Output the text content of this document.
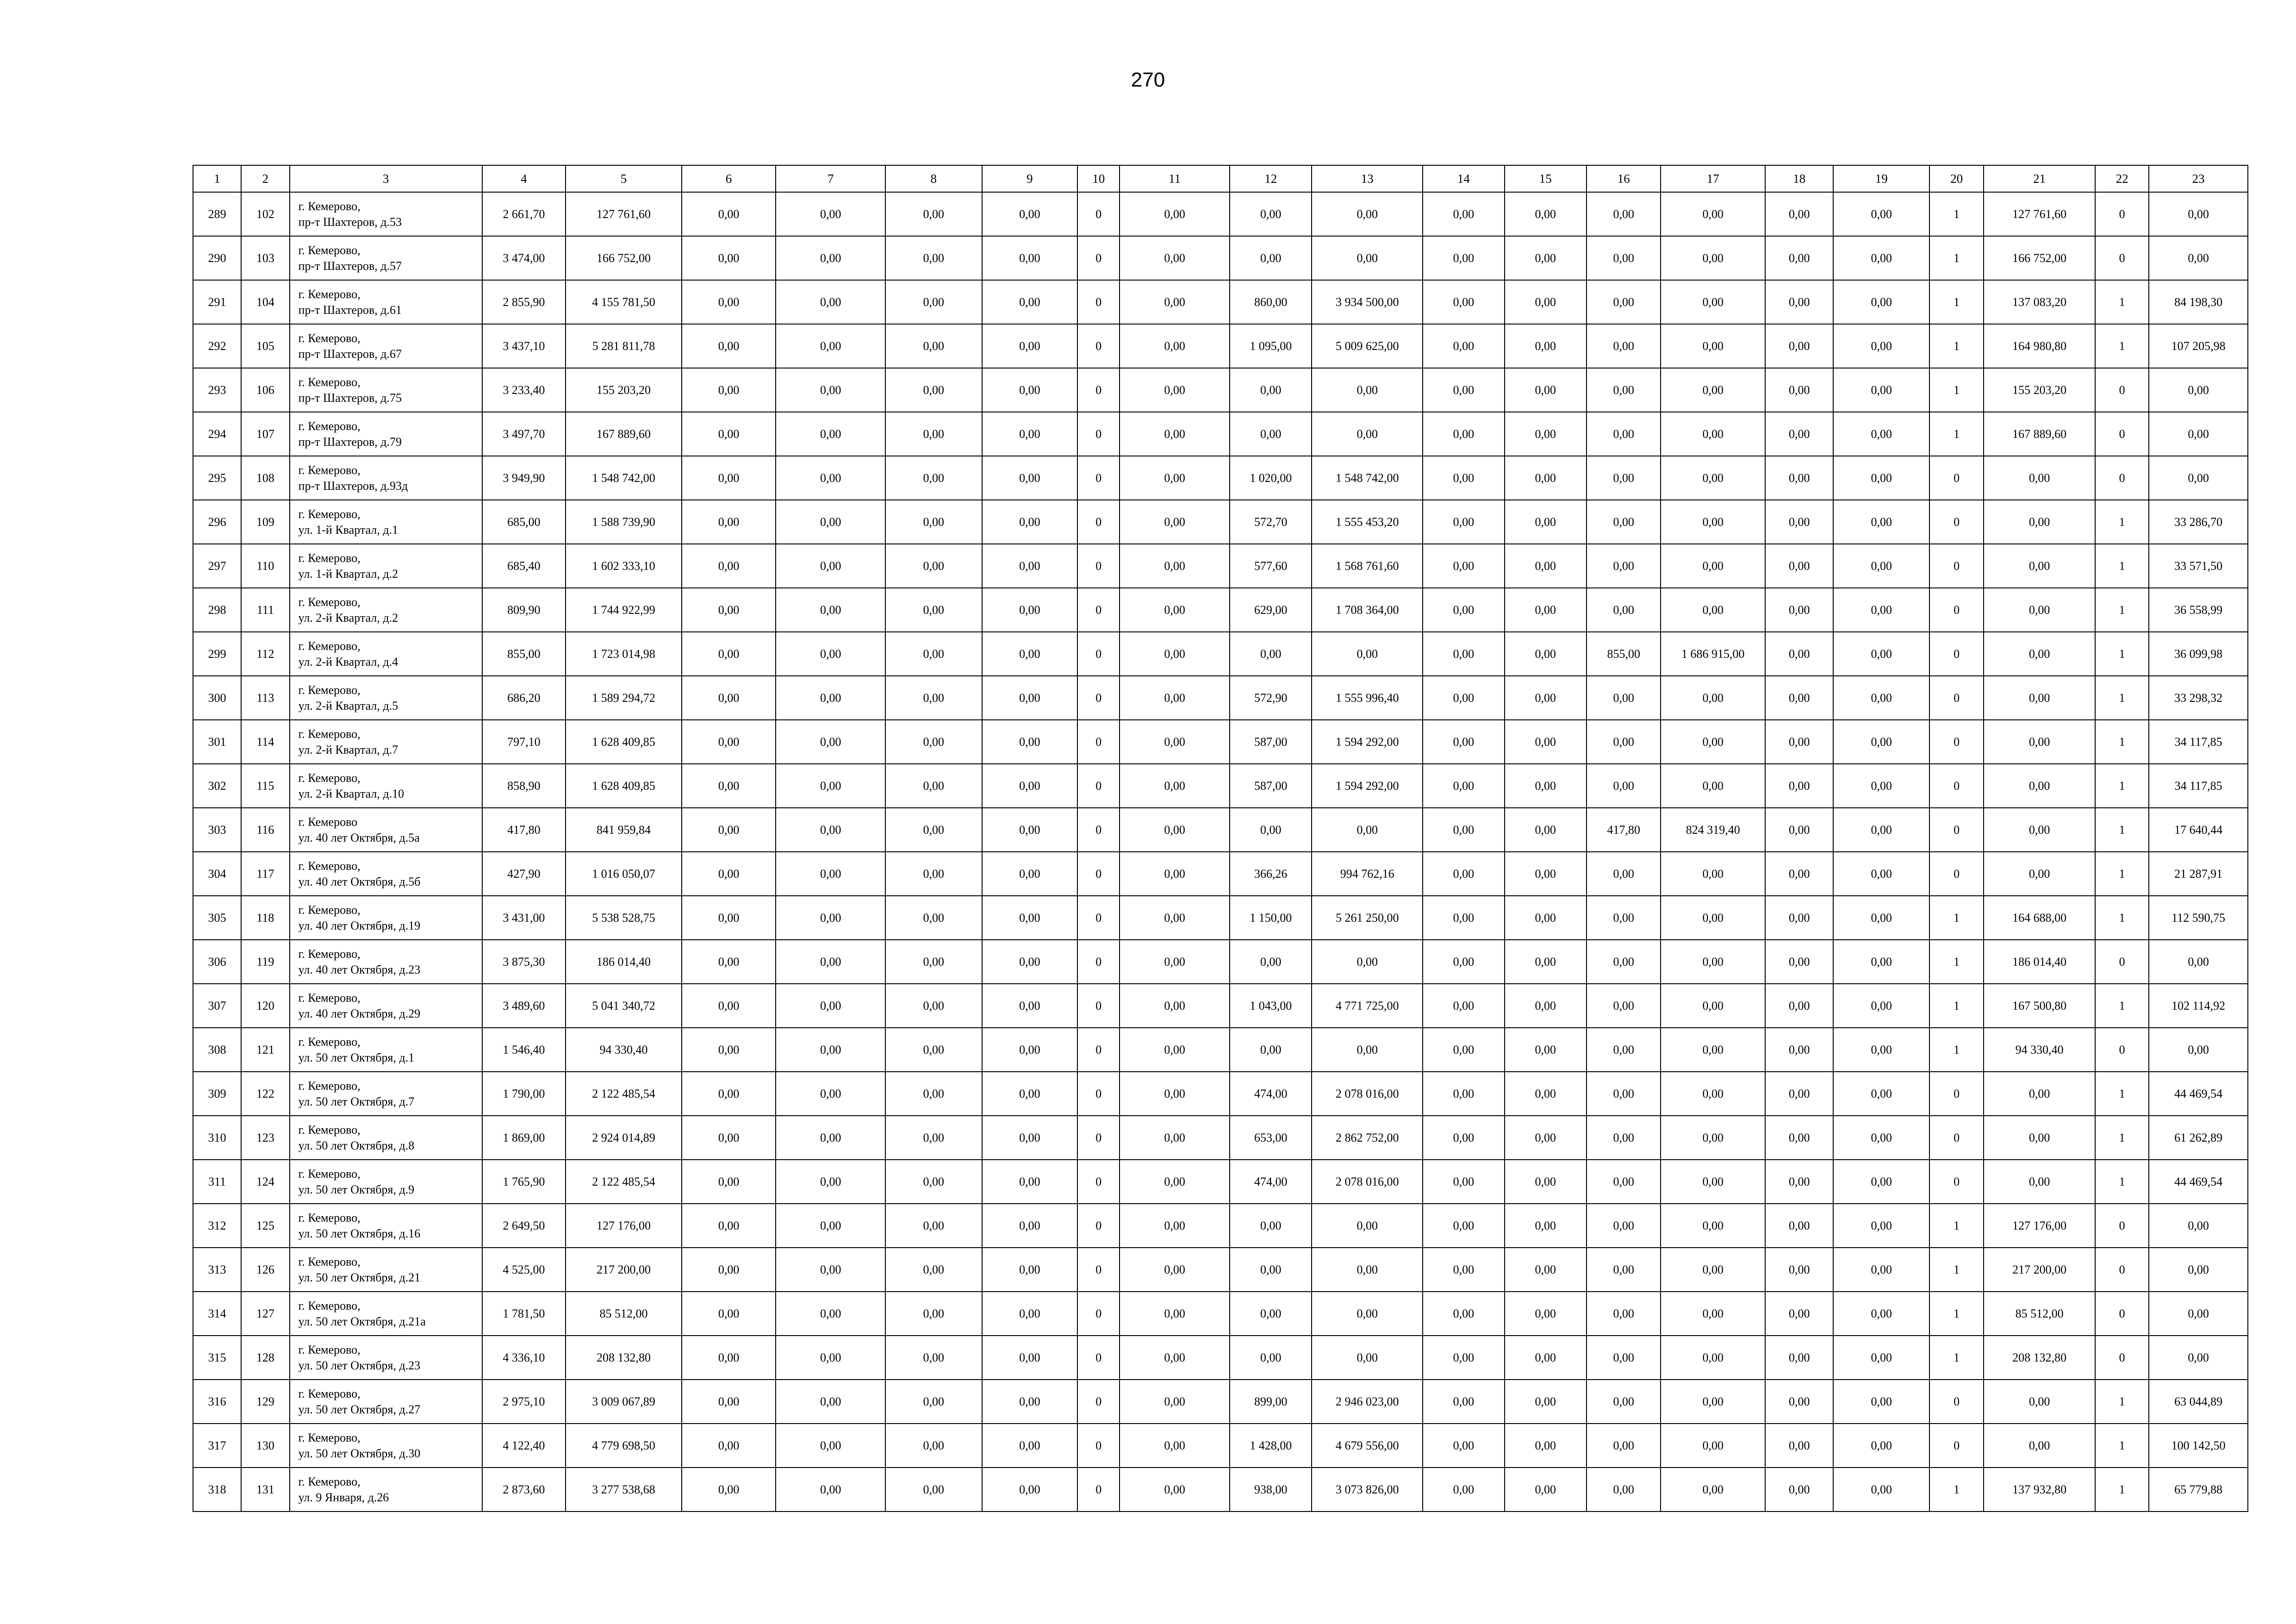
270
1	2	3	4	5	6	7	8	9	10	11	12	13	14	15	16	17	18	19	20	21	22	23
289	102	г. Кемерово,
пр-т Шахтеров, д.53	2 661,70	127 761,60	0,00	0,00	0,00	0,00	0	0,00	0,00	0,00	0,00	0,00	0,00	0,00	0,00	0,00	1	127 761,60	0	0,00
290	103	г. Кемерово,
пр-т Шахтеров, д.57	3 474,00	166 752,00	0,00	0,00	0,00	0,00	0	0,00	0,00	0,00	0,00	0,00	0,00	0,00	0,00	0,00	1	166 752,00	0	0,00
291	104	г. Кемерово,
пр-т Шахтеров, д.61	2 855,90	4 155 781,50	0,00	0,00	0,00	0,00	0	0,00	860,00	3 934 500,00	0,00	0,00	0,00	0,00	0,00	0,00	1	137 083,20	1	84 198,30
292	105	г. Кемерово,
пр-т Шахтеров, д.67	3 437,10	5 281 811,78	0,00	0,00	0,00	0,00	0	0,00	1 095,00	5 009 625,00	0,00	0,00	0,00	0,00	0,00	0,00	1	164 980,80	1	107 205,98
293	106	г. Кемерово,
пр-т Шахтеров, д.75	3 233,40	155 203,20	0,00	0,00	0,00	0,00	0	0,00	0,00	0,00	0,00	0,00	0,00	0,00	0,00	0,00	1	155 203,20	0	0,00
294	107	г. Кемерово,
пр-т Шахтеров, д.79	3 497,70	167 889,60	0,00	0,00	0,00	0,00	0	0,00	0,00	0,00	0,00	0,00	0,00	0,00	0,00	0,00	1	167 889,60	0	0,00
295	108	г. Кемерово,
пр-т Шахтеров, д.93д	3 949,90	1 548 742,00	0,00	0,00	0,00	0,00	0	0,00	1 020,00	1 548 742,00	0,00	0,00	0,00	0,00	0,00	0,00	0	0,00	0	0,00
296	109	г. Кемерово,
ул. 1-й Квартал, д.1	685,00	1 588 739,90	0,00	0,00	0,00	0,00	0	0,00	572,70	1 555 453,20	0,00	0,00	0,00	0,00	0,00	0,00	0	0,00	1	33 286,70
297	110	г. Кемерово,
ул. 1-й Квартал, д.2	685,40	1 602 333,10	0,00	0,00	0,00	0,00	0	0,00	577,60	1 568 761,60	0,00	0,00	0,00	0,00	0,00	0,00	0	0,00	1	33 571,50
298	111	г. Кемерово,
ул. 2-й Квартал, д.2	809,90	1 744 922,99	0,00	0,00	0,00	0,00	0	0,00	629,00	1 708 364,00	0,00	0,00	0,00	0,00	0,00	0,00	0	0,00	1	36 558,99
299	112	г. Кемерово,
ул. 2-й Квартал, д.4	855,00	1 723 014,98	0,00	0,00	0,00	0,00	0	0,00	0,00	0,00	0,00	0,00	855,00	1 686 915,00	0,00	0,00	0	0,00	1	36 099,98
300	113	г. Кемерово,
ул. 2-й Квартал, д.5	686,20	1 589 294,72	0,00	0,00	0,00	0,00	0	0,00	572,90	1 555 996,40	0,00	0,00	0,00	0,00	0,00	0,00	0	0,00	1	33 298,32
301	114	г. Кемерово,
ул. 2-й Квартал, д.7	797,10	1 628 409,85	0,00	0,00	0,00	0,00	0	0,00	587,00	1 594 292,00	0,00	0,00	0,00	0,00	0,00	0,00	0	0,00	1	34 117,85
302	115	г. Кемерово,
ул. 2-й Квартал, д.10	858,90	1 628 409,85	0,00	0,00	0,00	0,00	0	0,00	587,00	1 594 292,00	0,00	0,00	0,00	0,00	0,00	0,00	0	0,00	1	34 117,85
303	116	г. Кемерово
ул. 40 лет Октября, д.5а	417,80	841 959,84	0,00	0,00	0,00	0,00	0	0,00	0,00	0,00	0,00	0,00	417,80	824 319,40	0,00	0,00	0	0,00	1	17 640,44
304	117	г. Кемерово,
ул. 40 лет Октября, д.5б	427,90	1 016 050,07	0,00	0,00	0,00	0,00	0	0,00	366,26	994 762,16	0,00	0,00	0,00	0,00	0,00	0,00	0	0,00	1	21 287,91
305	118	г. Кемерово,
ул. 40 лет Октября, д.19	3 431,00	5 538 528,75	0,00	0,00	0,00	0,00	0	0,00	1 150,00	5 261 250,00	0,00	0,00	0,00	0,00	0,00	0,00	1	164 688,00	1	112 590,75
306	119	г. Кемерово,
ул. 40 лет Октября, д.23	3 875,30	186 014,40	0,00	0,00	0,00	0,00	0	0,00	0,00	0,00	0,00	0,00	0,00	0,00	0,00	0,00	1	186 014,40	0	0,00
307	120	г. Кемерово,
ул. 40 лет Октября, д.29	3 489,60	5 041 340,72	0,00	0,00	0,00	0,00	0	0,00	1 043,00	4 771 725,00	0,00	0,00	0,00	0,00	0,00	0,00	1	167 500,80	1	102 114,92
308	121	г. Кемерово,
ул. 50 лет Октября, д.1	1 546,40	94 330,40	0,00	0,00	0,00	0,00	0	0,00	0,00	0,00	0,00	0,00	0,00	0,00	0,00	0,00	1	94 330,40	0	0,00
309	122	г. Кемерово,
ул. 50 лет Октября, д.7	1 790,00	2 122 485,54	0,00	0,00	0,00	0,00	0	0,00	474,00	2 078 016,00	0,00	0,00	0,00	0,00	0,00	0,00	0	0,00	1	44 469,54
310	123	г. Кемерово,
ул. 50 лет Октября, д.8	1 869,00	2 924 014,89	0,00	0,00	0,00	0,00	0	0,00	653,00	2 862 752,00	0,00	0,00	0,00	0,00	0,00	0,00	0	0,00	1	61 262,89
311	124	г. Кемерово,
ул. 50 лет Октября, д.9	1 765,90	2 122 485,54	0,00	0,00	0,00	0,00	0	0,00	474,00	2 078 016,00	0,00	0,00	0,00	0,00	0,00	0,00	0	0,00	1	44 469,54
312	125	г. Кемерово,
ул. 50 лет Октября, д.16	2 649,50	127 176,00	0,00	0,00	0,00	0,00	0	0,00	0,00	0,00	0,00	0,00	0,00	0,00	0,00	0,00	1	127 176,00	0	0,00
313	126	г. Кемерово,
ул. 50 лет Октября, д.21	4 525,00	217 200,00	0,00	0,00	0,00	0,00	0	0,00	0,00	0,00	0,00	0,00	0,00	0,00	0,00	0,00	1	217 200,00	0	0,00
314	127	г. Кемерово,
ул. 50 лет Октября, д.21а	1 781,50	85 512,00	0,00	0,00	0,00	0,00	0	0,00	0,00	0,00	0,00	0,00	0,00	0,00	0,00	0,00	1	85 512,00	0	0,00
315	128	г. Кемерово,
ул. 50 лет Октября, д.23	4 336,10	208 132,80	0,00	0,00	0,00	0,00	0	0,00	0,00	0,00	0,00	0,00	0,00	0,00	0,00	0,00	1	208 132,80	0	0,00
316	129	г. Кемерово,
ул. 50 лет Октября, д.27	2 975,10	3 009 067,89	0,00	0,00	0,00	0,00	0	0,00	899,00	2 946 023,00	0,00	0,00	0,00	0,00	0,00	0,00	0	0,00	1	63 044,89
317	130	г. Кемерово,
ул. 50 лет Октября, д.30	4 122,40	4 779 698,50	0,00	0,00	0,00	0,00	0	0,00	1 428,00	4 679 556,00	0,00	0,00	0,00	0,00	0,00	0,00	0	0,00	1	100 142,50
318	131	г. Кемерово,
ул. 9 Января, д.26	2 873,60	3 277 538,68	0,00	0,00	0,00	0,00	0	0,00	938,00	3 073 826,00	0,00	0,00	0,00	0,00	0,00	0,00	1	137 932,80	1	65 779,88
